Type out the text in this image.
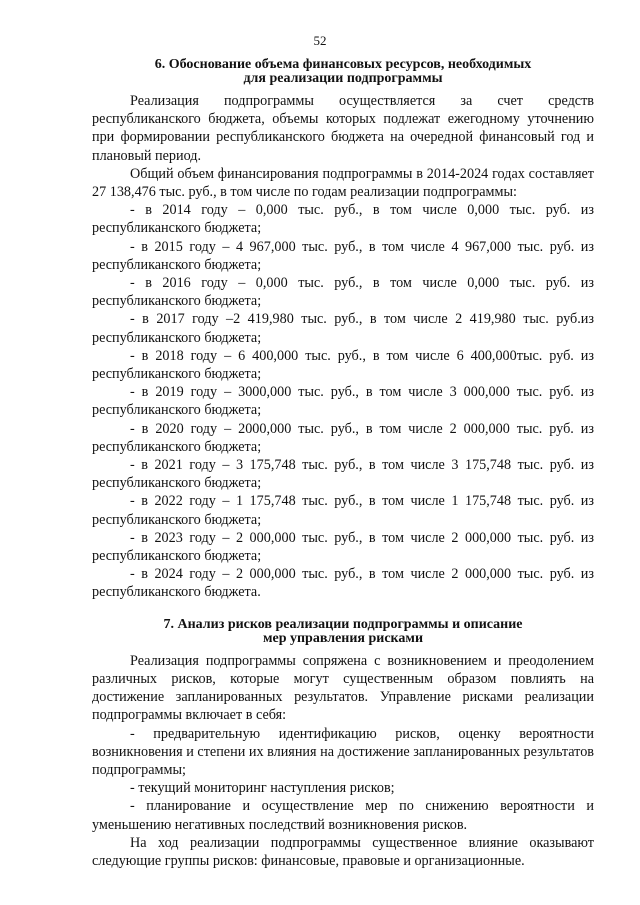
52
6. Обоснование объема финансовых ресурсов, необходимых
для реализации подпрограммы

Реализация подпрограммы осуществляется за счет средств республиканского бюджета, объемы которых подлежат ежегодному уточнению при формировании республиканского бюджета на очередной финансовый год и плановый период.

Общий объем финансирования подпрограммы в 2014-2024 годах составляет 27 138,476 тыс. руб., в том числе по годам реализации подпрограммы:

- в 2014 году – 0,000 тыс. руб., в том числе 0,000 тыс. руб. из республиканского бюджета;

- в 2015 году – 4 967,000 тыс. руб., в том числе 4 967,000 тыс. руб. из республиканского бюджета;

- в 2016 году – 0,000 тыс. руб., в том числе 0,000 тыс. руб. из республиканского бюджета;

- в 2017 году –2 419,980 тыс. руб., в том числе 2 419,980 тыс. руб.из республиканского бюджета;

- в 2018 году – 6 400,000 тыс. руб., в том числе 6 400,000тыс. руб. из республиканского бюджета;

- в 2019 году – 3000,000 тыс. руб., в том числе 3 000,000 тыс. руб. из республиканского бюджета;

- в 2020 году – 2000,000 тыс. руб., в том числе 2 000,000 тыс. руб. из республиканского бюджета;

- в 2021 году – 3 175,748 тыс. руб., в том числе 3 175,748 тыс. руб. из республиканского бюджета;

- в 2022 году – 1 175,748 тыс. руб., в том числе 1 175,748 тыс. руб. из республиканского бюджета;

- в 2023 году – 2 000,000 тыс. руб., в том числе 2 000,000 тыс. руб. из республиканского бюджета;

- в 2024 году – 2 000,000 тыс. руб., в том числе 2 000,000 тыс. руб. из республиканского бюджета.

7. Анализ рисков реализации подпрограммы и описание
мер управления рисками

Реализация подпрограммы сопряжена с возникновением и преодолением различных рисков, которые могут существенным образом повлиять на достижение запланированных результатов. Управление рисками реализации подпрограммы включает в себя:

- предварительную идентификацию рисков, оценку вероятности возникновения и степени их влияния на достижение запланированных результатов подпрограммы;

- текущий мониторинг наступления рисков;

- планирование и осуществление мер по снижению вероятности и уменьшению негативных последствий возникновения рисков.

На ход реализации подпрограммы существенное влияние оказывают следующие группы рисков: финансовые, правовые и организационные.
